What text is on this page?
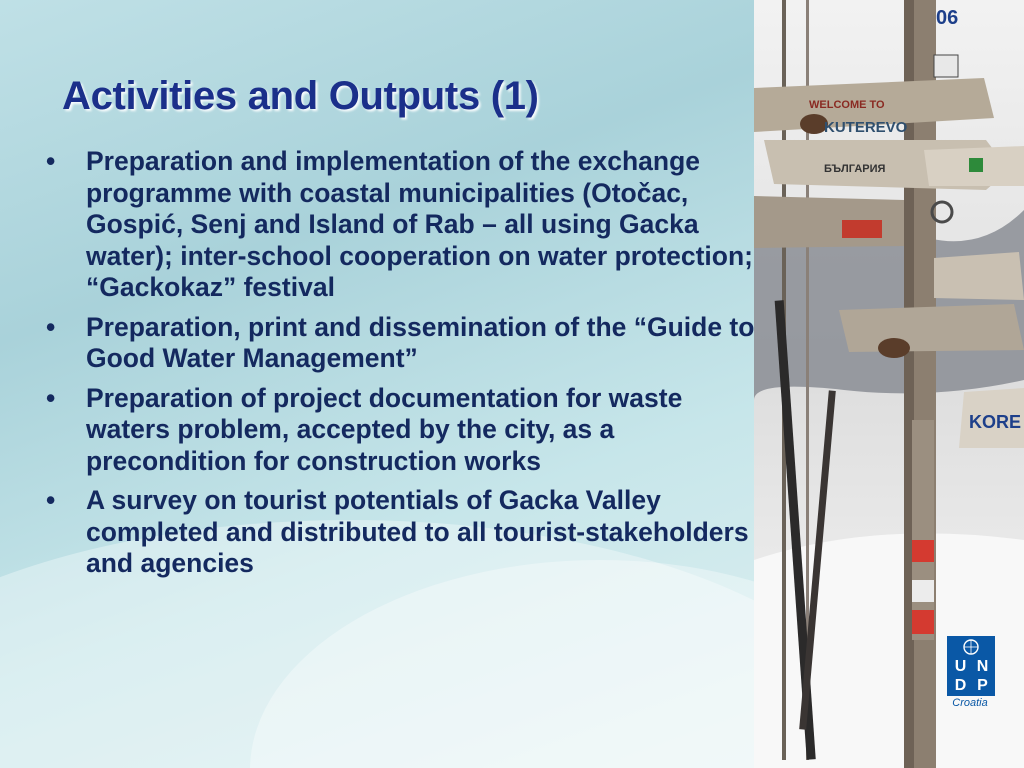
Activities and Outputs (1)
• Preparation and implementation of the exchange programme with coastal municipalities (Otočac, Gospić, Senj and Island of Rab – all using Gacka water); inter-school cooperation on water protection; “Gackokaz” festival
• Preparation, print and dissemination of the “Guide to Good Water Management”
• Preparation of project documentation for waste waters problem, accepted by the city, as a precondition for construction works
• A survey on tourist potentials of Gacka Valley completed and distributed to all tourist-stakeholders and agencies
WELCOME TO
KUTEREVO
БЪЛГАРИЯ
KORE
06
U N
D P
Croatia
